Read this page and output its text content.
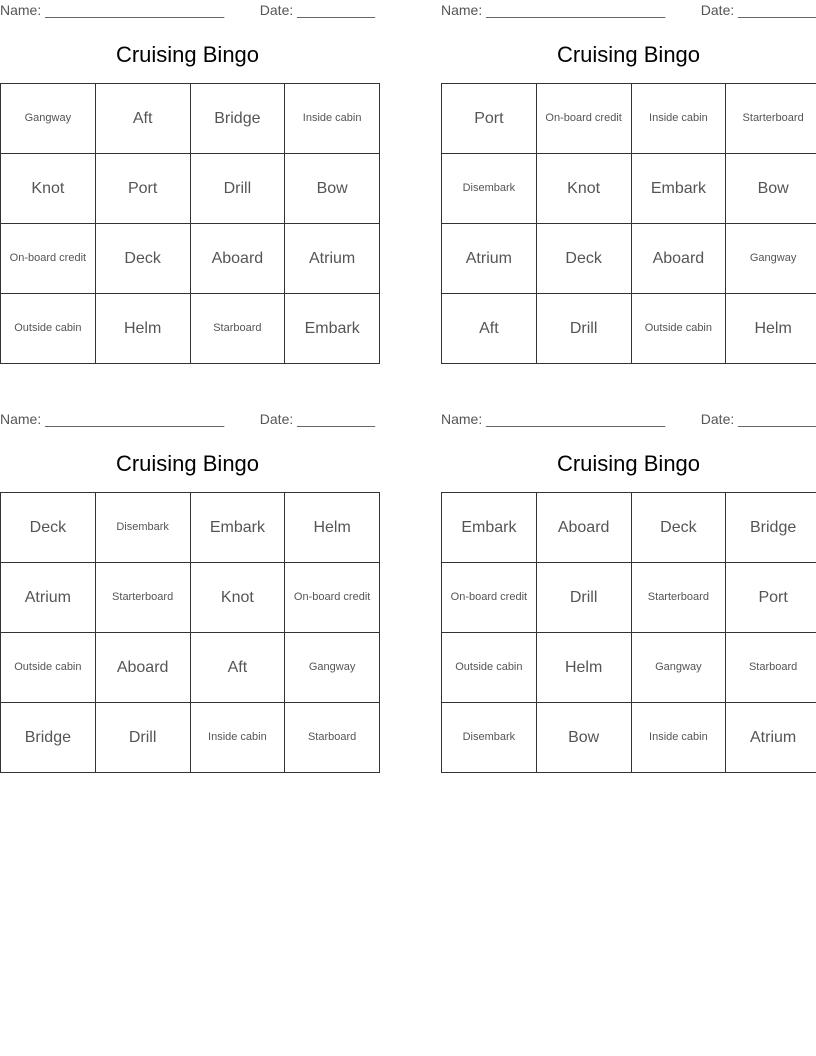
Name: _______________________	Date: __________
Cruising Bingo
Gangway	Aft	Bridge	Inside cabin
Knot	Port	Drill	Bow
On-board credit	Deck	Aboard	Atrium
Outside cabin	Helm	Starboard	Embark
Name: _______________________	Date: __________
Cruising Bingo
Port	On-board credit	Inside cabin	Starterboard
Disembark	Knot	Embark	Bow
Atrium	Deck	Aboard	Gangway
Aft	Drill	Outside cabin	Helm
Name: _______________________	Date: __________
Cruising Bingo
Deck	Disembark	Embark	Helm
Atrium	Starterboard	Knot	On-board credit
Outside cabin	Aboard	Aft	Gangway
Bridge	Drill	Inside cabin	Starboard
Name: _______________________	Date: __________
Cruising Bingo
Embark	Aboard	Deck	Bridge
On-board credit	Drill	Starterboard	Port
Outside cabin	Helm	Gangway	Starboard
Disembark	Bow	Inside cabin	Atrium
